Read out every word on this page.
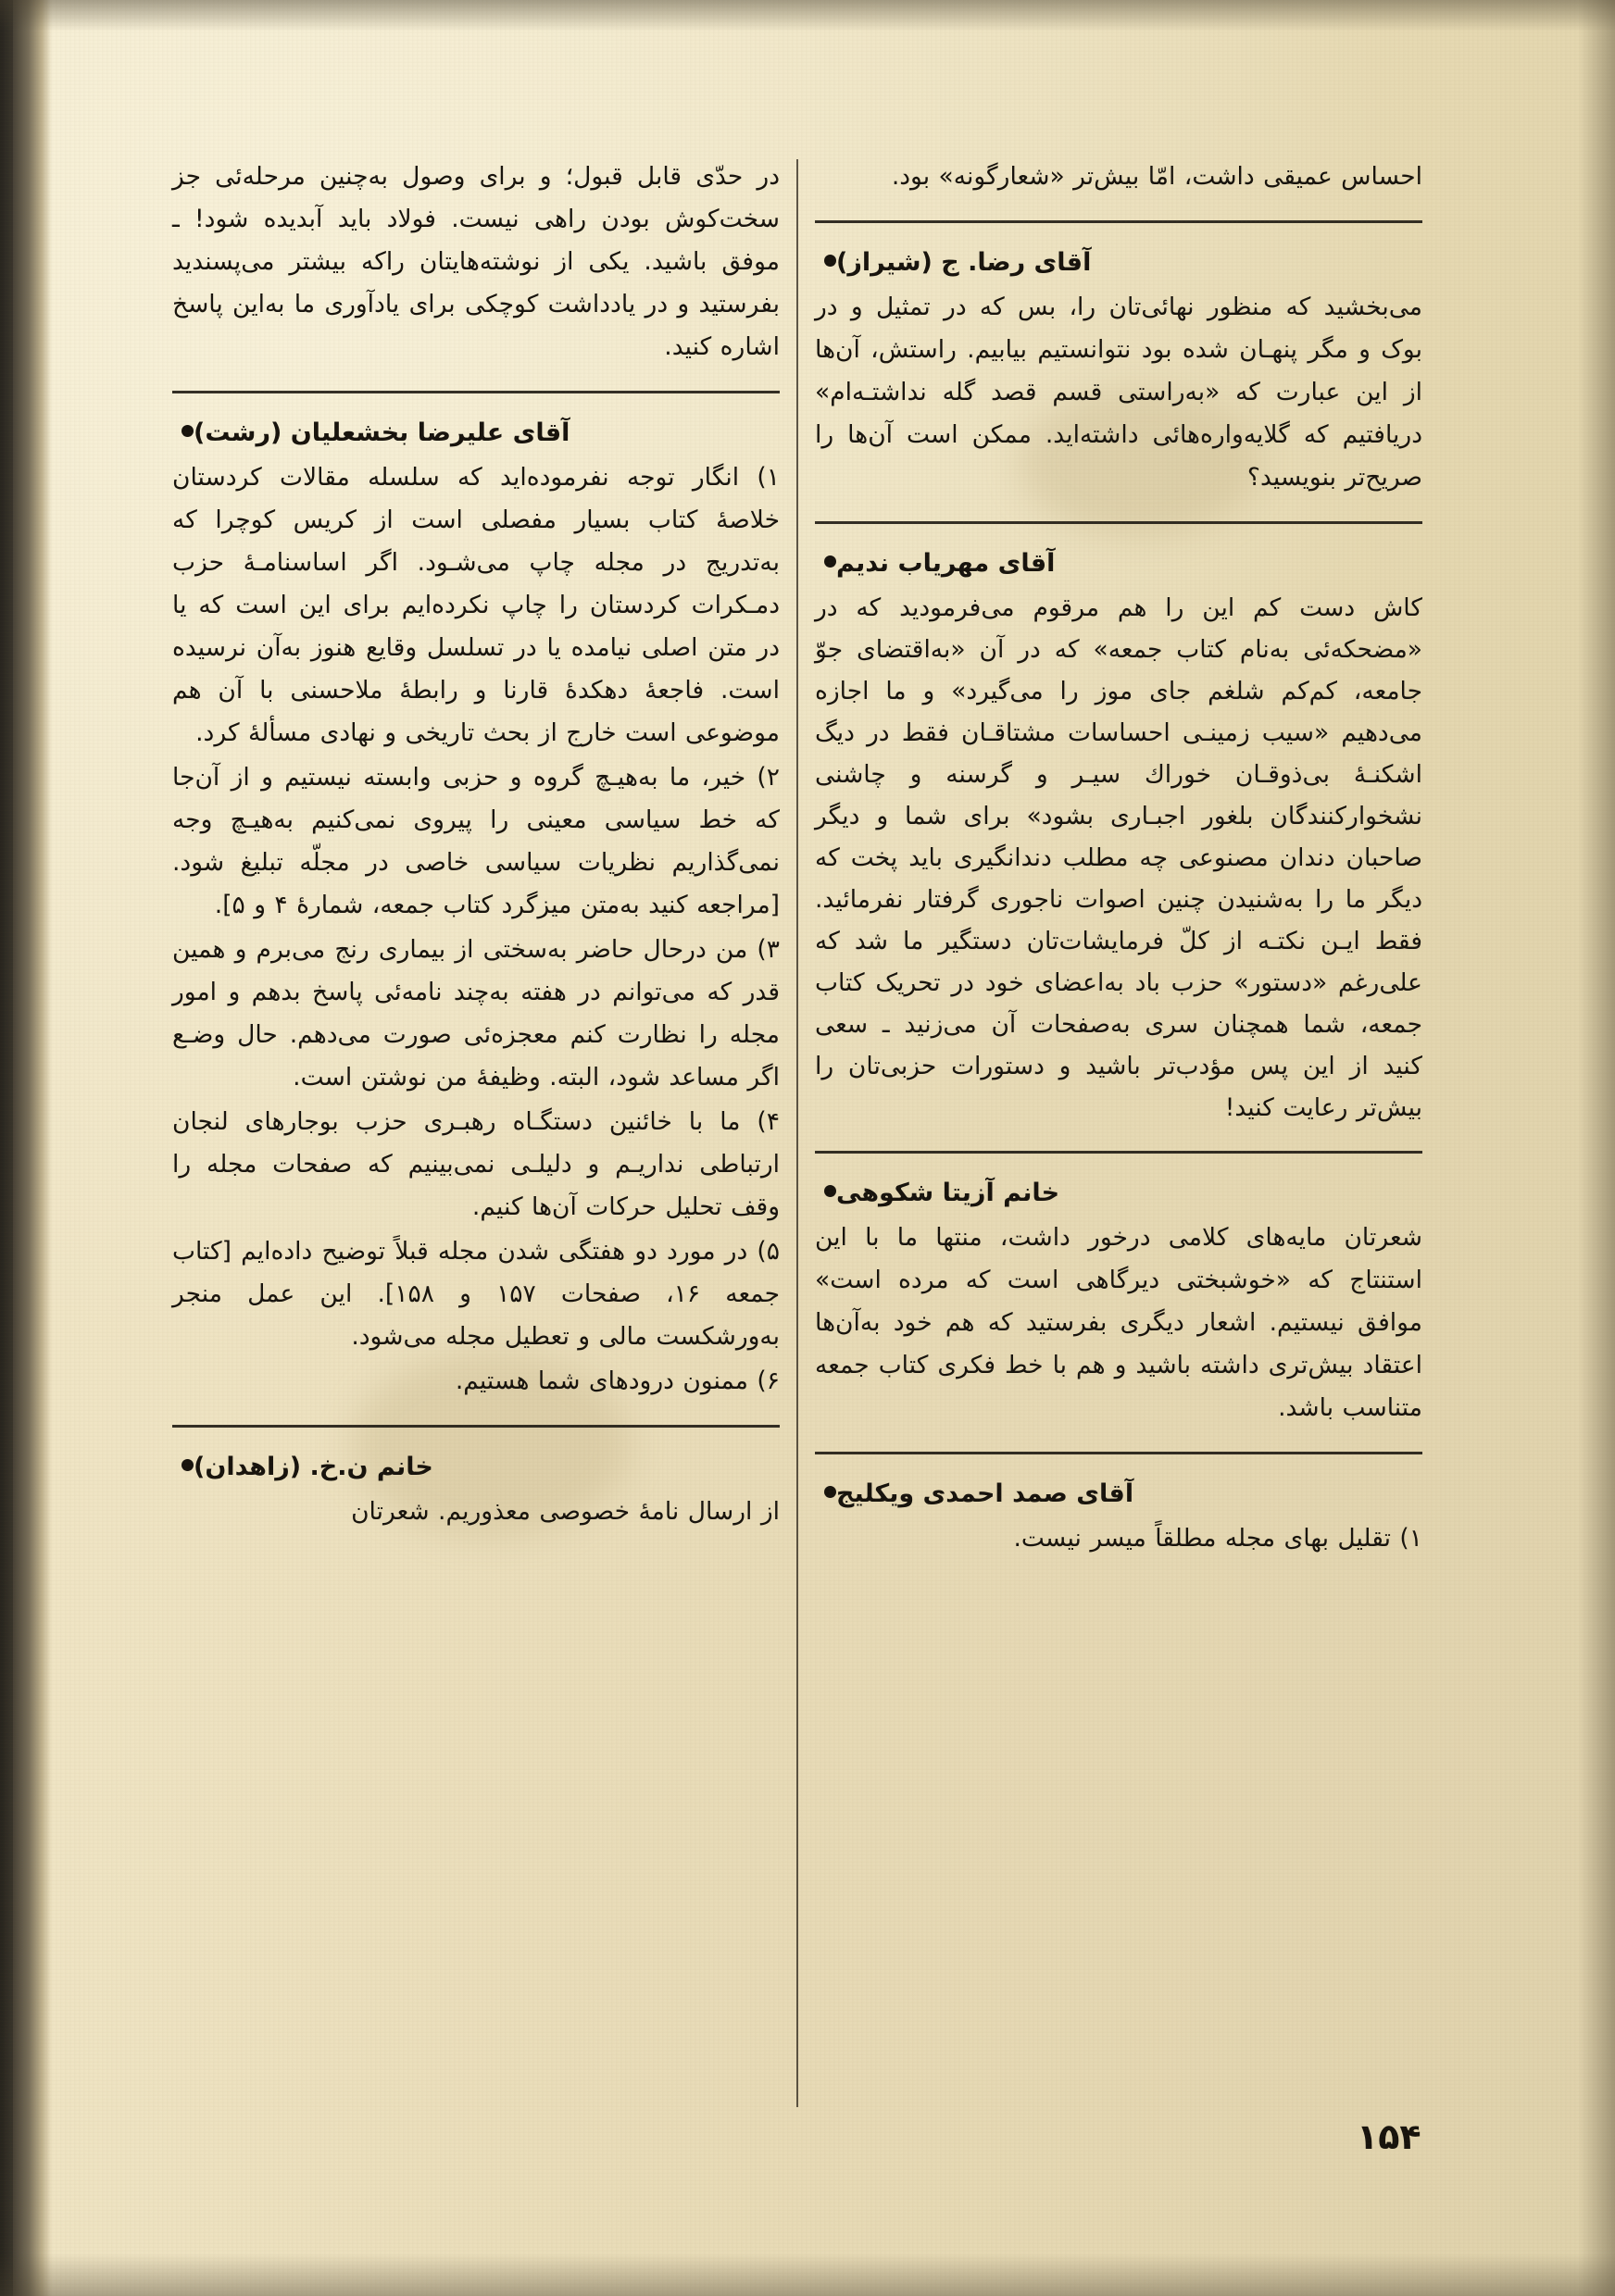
احساس عمیقی داشت، امّا بیش‌تر «شعارگونه» بود.

آقای رضا. ج (شیراز)

می‌بخشید که منظور نهائی‌تان را، بس که در تمثیل و در بوک و مگر پنهـان شده بود نتوانستیم بیابیم. راستش، آن‌ها از این عبارت که «به‌راستی قسم قصد گله نداشتـه‌ام» دریافتیم که گلایه‌واره‌هائی داشته‌اید. ممکن است آن‌ها را صریح‌تر بنویسید؟

آقای مهریاب ندیم

کاش دست کم این را هم مرقوم می‌فرمودید که در «مضحکه‌ئی به‌نام کتاب جمعه» که در آن «به‌اقتضای جوّ جامعه، کم‌کم شلغم جای موز را می‌گیرد» و ما اجازه می‌دهیم «سیب زمینـی احساسات مشتاقـان فقط در دیگ اشکنـهٔ بی‌ذوقـان خوراك سیـر و گرسنه و چاشنی نشخوارکنندگان بلغور اجبـاری بشود» برای شما و دیگر صاحبان دندان مصنوعی چه مطلب دندانگیری باید پخت که دیگر ما را به‌شنیدن چنین اصوات ناجوری گرفتار نفرمائید. فقط ایـن نکتـه از کلّ فرمایشات‌تان دستگیر ما شد که علی‌رغم «دستور» حزب باد به‌اعضای خود در تحریک کتاب جمعه، شما همچنان سری به‌صفحات آن می‌زنید ـ سعی کنید از این پس مؤدب‌تر باشید و دستورات حزبی‌تان را بیش‌تر رعایت کنید!

خانم آزیتا شکوهی

شعرتان مایه‌های کلامی درخور داشت، منتها ما با این استنتاج که «خوشبختی دیرگاهی است که مرده است» موافق نیستیم. اشعار دیگری بفرستید که هم خود به‌آن‌ها اعتقاد بیش‌تری داشته باشید و هم با خط فکری کتاب جمعه متناسب باشد.

آقای صمد احمدی ویکلیج

۱) تقلیل بهای مجله مطلقاً میسر نیست.

در حدّی قابل قبول؛ و برای وصول به‌چنین مرحله‌ئی جز سخت‌کوش بودن راهی نیست. فولاد باید آبدیده شود! ـ موفق باشید. یکی از نوشته‌هایتان راکه بیشتر می‌پسندید بفرستید و در یادداشت کوچکی برای یادآوری ما به‌این پاسخ اشاره کنید.

آقای علیرضا بخشعلیان (رشت)

۱) انگار توجه نفرموده‌اید که سلسله مقالات کردستان خلاصهٔ کتاب بسیار مفصلی است از کریس کوچرا که به‌تدریج در مجله چاپ می‌شـود. اگر اساسنامـهٔ حزب دمـکرات کردستان را چاپ نکرده‌ایم برای این است که یا در متن اصلی نیامده یا در تسلسل وقایع هنوز به‌آن نرسیده است. فاجعهٔ دهکدهٔ قارنا و رابطهٔ ملاحسنی با آن هم موضوعی است خارج از بحث تاریخی و نهادی مسألهٔ کرد.

۲) خیر، ما به‌هیـچ گروه و حزبی وابسته نیستیم و از آن‌جا که خط سیاسی معینی را پیروی نمی‌کنیم به‌هیـچ وجه نمی‌گذاریم نظریات سیاسی خاصی در مجلّه تبلیغ شود. [مراجعه کنید به‌متن میزگرد کتاب جمعه، شمارهٔ ۴ و ۵].

۳) من درحال حاضر به‌سختی از بیماری رنج می‌برم و همین قدر که می‌توانم در هفته به‌چند نامه‌ئی پاسخ بدهم و امور مجله را نظارت کنم معجزه‌ئی صورت می‌دهم. حال وضـع اگر مساعد شود، البته. وظیفهٔ من نوشتن است.

۴) ما با خائنین دستگـاه رهبـری حزب بوجارهای لنجان ارتباطی نداریـم و دلیلـی نمی‌بینیم که صفحات مجله را وقف تحلیل حرکات آن‌ها کنیم.

۵) در مورد دو هفتگی شدن مجله قبلاً توضیح داده‌ایم [کتاب جمعه ۱۶، صفحات ۱۵۷ و ۱۵۸]. این عمل منجر به‌ورشکست مالی و تعطیل مجله می‌شود.

۶) ممنون درودهای شما هستیم.

خانم ن.خ. (زاهدان)

از ارسال نامهٔ خصوصی معذوریم. شعرتان

۱۵۴
